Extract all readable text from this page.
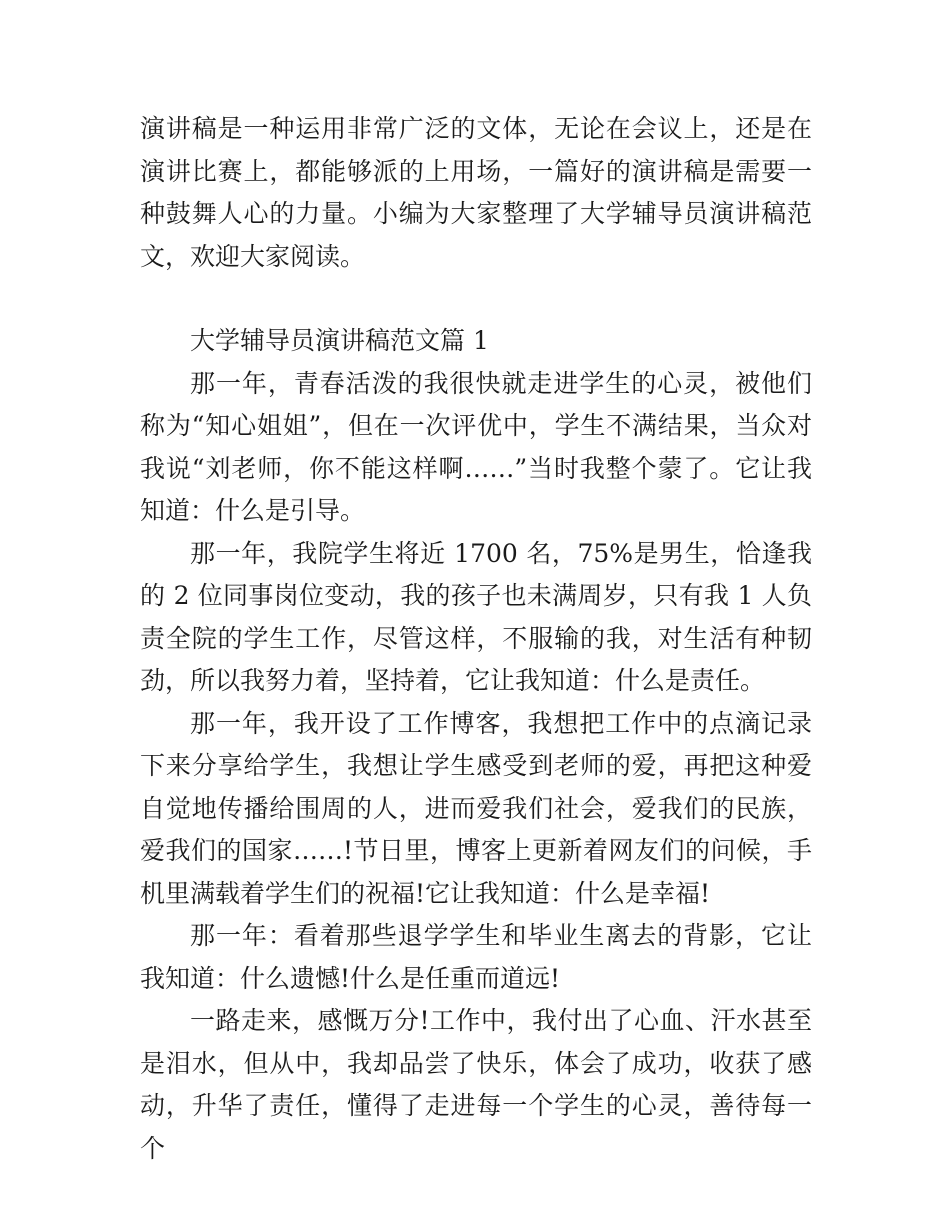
演讲稿是一种运用非常广泛的文体，无论在会议上，还是在演讲比赛上，都能够派的上用场，一篇好的演讲稿是需要一种鼓舞人心的力量。小编为大家整理了大学辅导员演讲稿范文，欢迎大家阅读。

大学辅导员演讲稿范文篇 1

那一年，青春活泼的我很快就走进学生的心灵，被他们称为“知心姐姐”，但在一次评优中，学生不满结果，当众对我说“刘老师，你不能这样啊……”当时我整个蒙了。它让我知道：什么是引导。

那一年，我院学生将近 1700 名，75%是男生，恰逢我的 2 位同事岗位变动，我的孩子也未满周岁，只有我 1 人负责全院的学生工作，尽管这样，不服输的我，对生活有种韧劲，所以我努力着，坚持着，它让我知道：什么是责任。

那一年，我开设了工作博客，我想把工作中的点滴记录下来分享给学生，我想让学生感受到老师的爱，再把这种爱自觉地传播给围周的人，进而爱我们社会，爱我们的民族，爱我们的国家……!节日里，博客上更新着网友们的问候，手机里满载着学生们的祝福!它让我知道：什么是幸福!

那一年：看着那些退学学生和毕业生离去的背影，它让我知道：什么遗憾!什么是任重而道远!

一路走来，感慨万分!工作中，我付出了心血、汗水甚至是泪水，但从中，我却品尝了快乐，体会了成功，收获了感动，升华了责任，懂得了走进每一个学生的心灵，善待每一个
